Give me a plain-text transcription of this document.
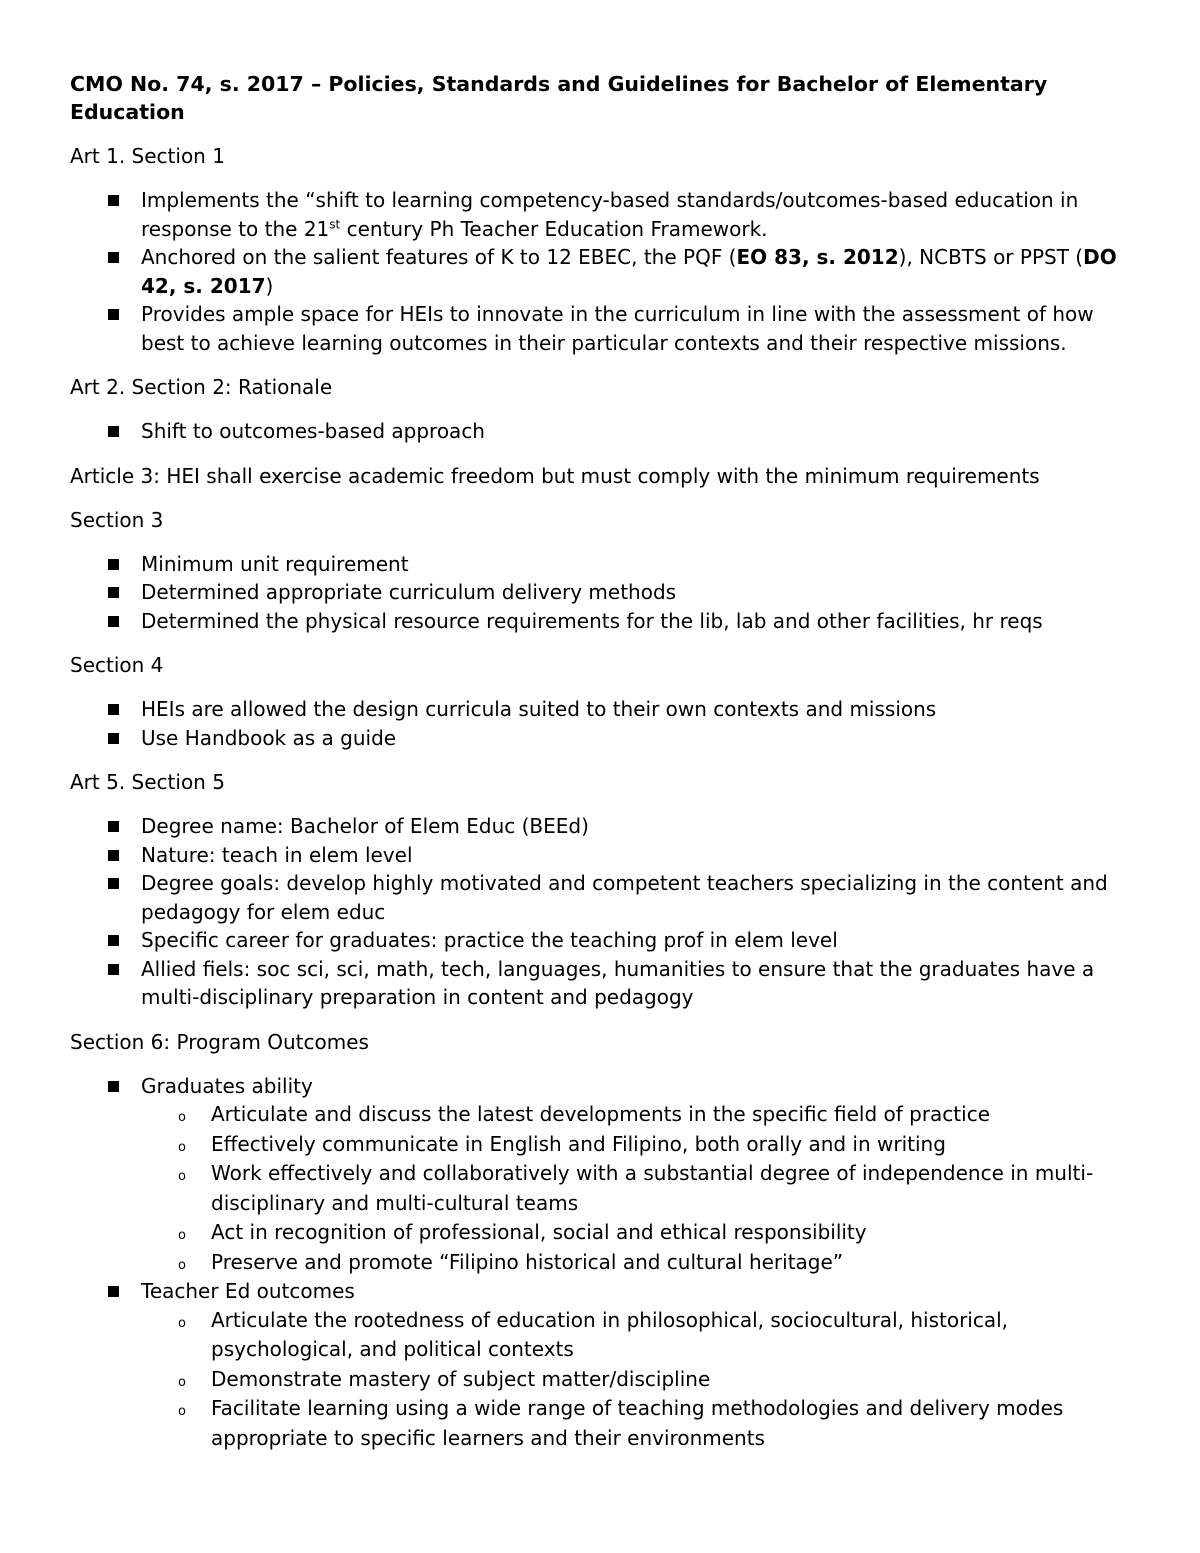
CMO No. 74, s. 2017 – Policies, Standards and Guidelines for Bachelor of Elementary Education
Art 1. Section 1
Implements the “shift to learning competency-based standards/outcomes-based education in response to the 21st century Ph Teacher Education Framework.
Anchored on the salient features of K to 12 EBEC, the PQF (EO 83, s. 2012), NCBTS or PPST (DO 42, s. 2017)
Provides ample space for HEIs to innovate in the curriculum in line with the assessment of how best to achieve learning outcomes in their particular contexts and their respective missions.
Art 2. Section 2: Rationale
Shift to outcomes-based approach
Article 3: HEI shall exercise academic freedom but must comply with the minimum requirements
Section 3
Minimum unit requirement
Determined appropriate curriculum delivery methods
Determined the physical resource requirements for the lib, lab and other facilities, hr reqs
Section 4
HEIs are allowed the design curricula suited to their own contexts and missions
Use Handbook as a guide
Art 5. Section 5
Degree name: Bachelor of Elem Educ (BEEd)
Nature: teach in elem level
Degree goals: develop highly motivated and competent teachers specializing in the content and pedagogy for elem educ
Specific career for graduates: practice the teaching prof in elem level
Allied fiels: soc sci, sci, math, tech, languages, humanities to ensure that the graduates have a multi-disciplinary preparation in content and pedagogy
Section 6: Program Outcomes
Graduates ability
o Articulate and discuss the latest developments in the specific field of practice
o Effectively communicate in English and Filipino, both orally and in writing
o Work effectively and collaboratively with a substantial degree of independence in multi-disciplinary and multi-cultural teams
o Act in recognition of professional, social and ethical responsibility
o Preserve and promote “Filipino historical and cultural heritage”
Teacher Ed outcomes
o Articulate the rootedness of education in philosophical, sociocultural, historical, psychological, and political contexts
o Demonstrate mastery of subject matter/discipline
o Facilitate learning using a wide range of teaching methodologies and delivery modes appropriate to specific learners and their environments
